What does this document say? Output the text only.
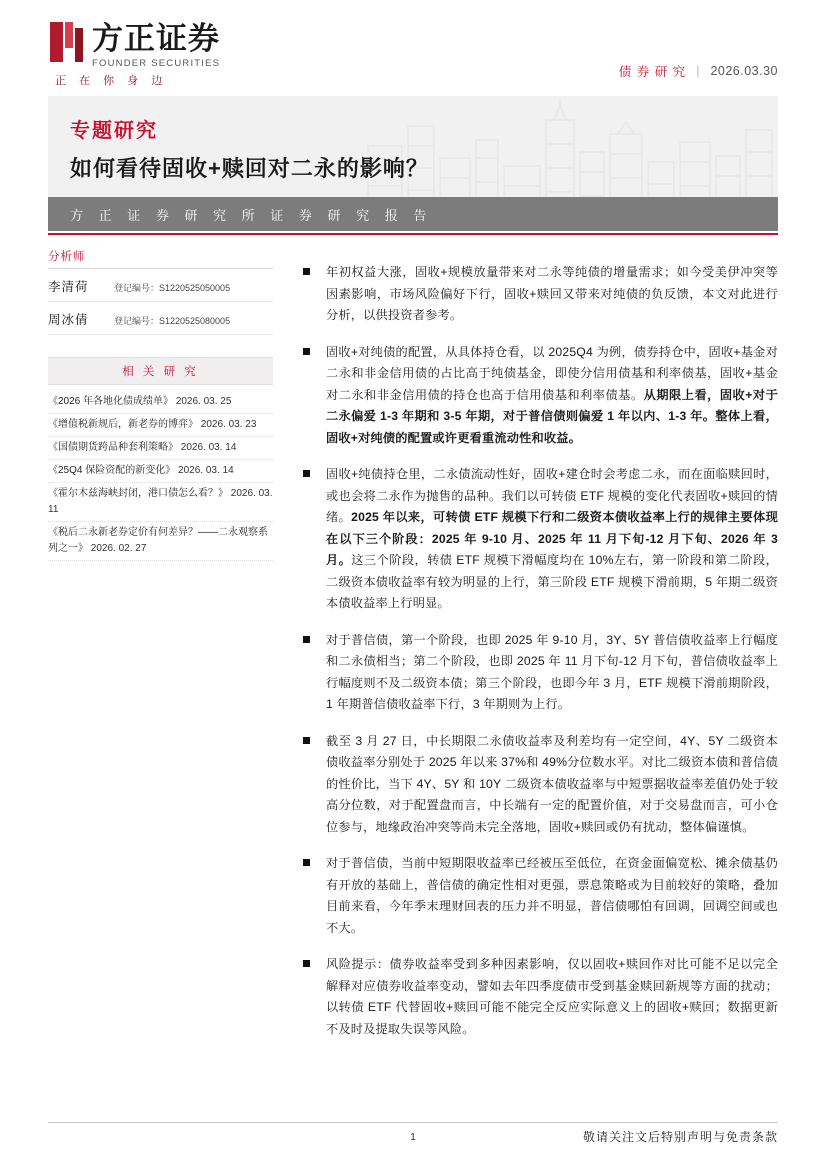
方正证券
FOUNDER SECURITIES
正 在 你 身 边
债 券 研 究 | 2026.03.30
专题研究
如何看待固收+赎回对二永的影响？
方 正 证 券 研 究 所 证 券 研 究 报 告
分析师
李清荷	登记编号：S1220525050005
周冰倩	登记编号：S1220525080005
相 关 研 究
《2026 年各地化债成绩单》 2026. 03. 25
《增值税新规后，新老券的博弈》 2026. 03. 23
《国债期货跨品种套利策略》 2026. 03. 14
《25Q4 保险资配的新变化》 2026. 03. 14
《霍尔木兹海峡封闭，港口债怎么看？》 2026. 03. 11
《税后二永新老券定价有何差异？——二永观察系列之一》 2026. 02. 27
年初权益大涨，固收+规模放量带来对二永等纯债的增量需求；如今受美伊冲突等因素影响，市场风险偏好下行，固收+赎回又带来对纯债的负反馈，本文对此进行分析，以供投资者参考。
固收+对纯债的配置，从具体持仓看，以 2025Q4 为例，债券持仓中，固收+基金对二永和非金信用债的占比高于纯债基金，即使分信用债基和利率债基，固收+基金对二永和非金信用债的持仓也高于信用债基和利率债基。从期限上看，固收+对于二永偏爱 1-3 年期和 3-5 年期，对于普信债则偏爱 1 年以内、1-3 年。整体上看，固收+对纯债的配置或许更看重流动性和收益。
固收+纯债持仓里，二永债流动性好，固收+建仓时会考虑二永，而在面临赎回时，或也会将二永作为抛售的品种。我们以可转债 ETF 规模的变化代表固收+赎回的情绪。2025 年以来，可转债 ETF 规模下行和二级资本债收益率上行的规律主要体现在以下三个阶段：2025 年 9-10 月、2025 年 11 月下旬-12 月下旬、2026 年 3 月。这三个阶段，转债 ETF 规模下滑幅度均在 10%左右，第一阶段和第二阶段，二级资本债收益率有较为明显的上行，第三阶段 ETF 规模下滑前期，5 年期二级资本债收益率上行明显。
对于普信债，第一个阶段，也即 2025 年 9-10 月，3Y、5Y 普信债收益率上行幅度和二永债相当；第二个阶段，也即 2025 年 11 月下旬-12 月下旬，普信债收益率上行幅度则不及二级资本债；第三个阶段，也即今年 3 月，ETF 规模下滑前期阶段，1 年期普信债收益率下行，3 年期则为上行。
截至 3 月 27 日，中长期限二永债收益率及利差均有一定空间，4Y、5Y 二级资本债收益率分别处于 2025 年以来 37%和 49%分位数水平。对比二级资本债和普信债的性价比，当下 4Y、5Y 和 10Y 二级资本债收益率与中短票据收益率差值仍处于较高分位数，对于配置盘而言，中长端有一定的配置价值，对于交易盘而言，可小仓位参与，地缘政治冲突等尚未完全落地，固收+赎回或仍有扰动，整体偏谨慎。
对于普信债，当前中短期限收益率已经被压至低位，在资金面偏宽松、摊余债基仍有开放的基础上，普信债的确定性相对更强，票息策略或为目前较好的策略，叠加目前来看，今年季末理财回表的压力并不明显，普信债哪怕有回调，回调空间或也不大。
风险提示：债券收益率受到多种因素影响，仅以固收+赎回作对比可能不足以完全解释对应债券收益率变动，譬如去年四季度债市受到基金赎回新规等方面的扰动；以转债 ETF 代替固收+赎回可能不能完全反应实际意义上的固收+赎回；数据更新不及时及提取失误等风险。
1	敬请关注文后特别声明与免责条款
